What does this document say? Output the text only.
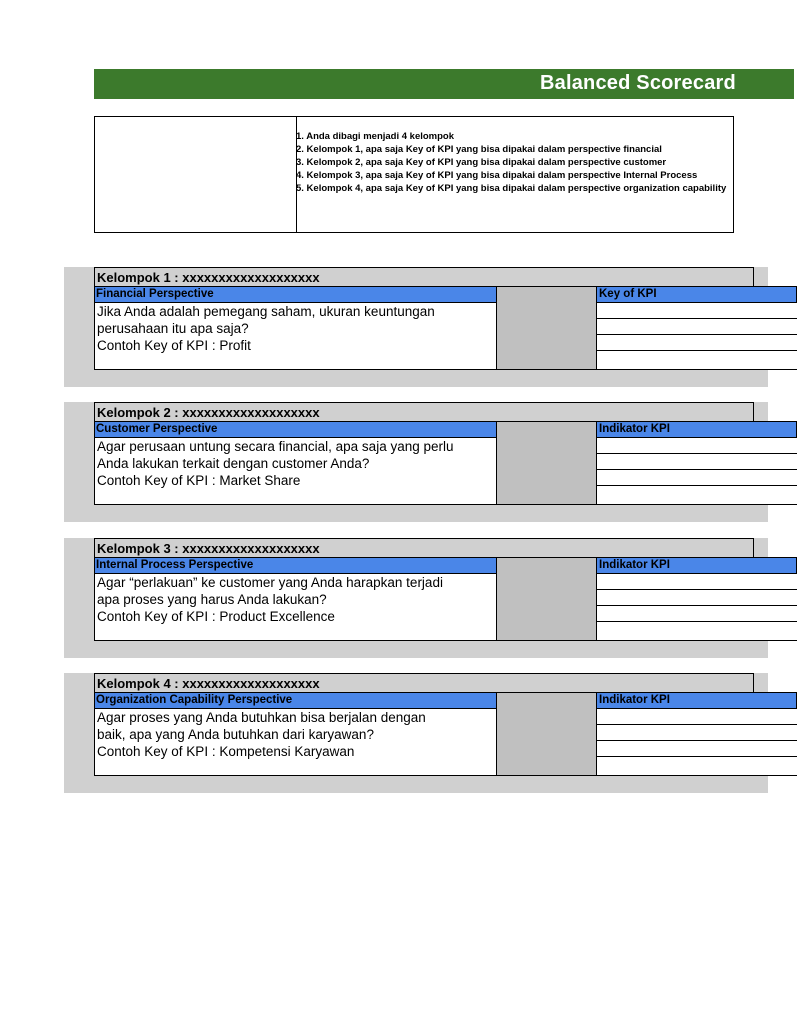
Balanced Scorecard
1. Anda dibagi menjadi 4 kelompok
2. Kelompok 1, apa saja Key of KPI yang bisa dipakai dalam perspective financial
3. Kelompok 2, apa saja Key of KPI yang bisa dipakai dalam perspective customer
4. Kelompok 3, apa saja Key of KPI yang bisa dipakai dalam perspective Internal Process
5. Kelompok 4, apa saja Key of KPI yang bisa dipakai dalam perspective organization capability
Kelompok 1 : xxxxxxxxxxxxxxxxxxx
Financial Perspective	Key of KPI
Jika Anda adalah pemegang saham, ukuran keuntungan
perusahaan itu apa saja?
Contoh Key of KPI : Profit
Kelompok 2 : xxxxxxxxxxxxxxxxxxx
Customer Perspective	Indikator KPI
Agar perusaan untung secara financial, apa saja yang perlu
Anda lakukan terkait dengan customer Anda?
Contoh Key of KPI : Market Share
Kelompok 3 : xxxxxxxxxxxxxxxxxxx
Internal Process Perspective	Indikator KPI
Agar “perlakuan” ke customer yang Anda harapkan terjadi
apa proses yang harus Anda lakukan?
Contoh Key of KPI : Product Excellence
Kelompok 4 : xxxxxxxxxxxxxxxxxxx
Organization Capability Perspective	Indikator KPI
Agar proses yang Anda butuhkan bisa berjalan dengan
baik, apa yang Anda butuhkan dari karyawan?
Contoh Key of KPI : Kompetensi Karyawan
